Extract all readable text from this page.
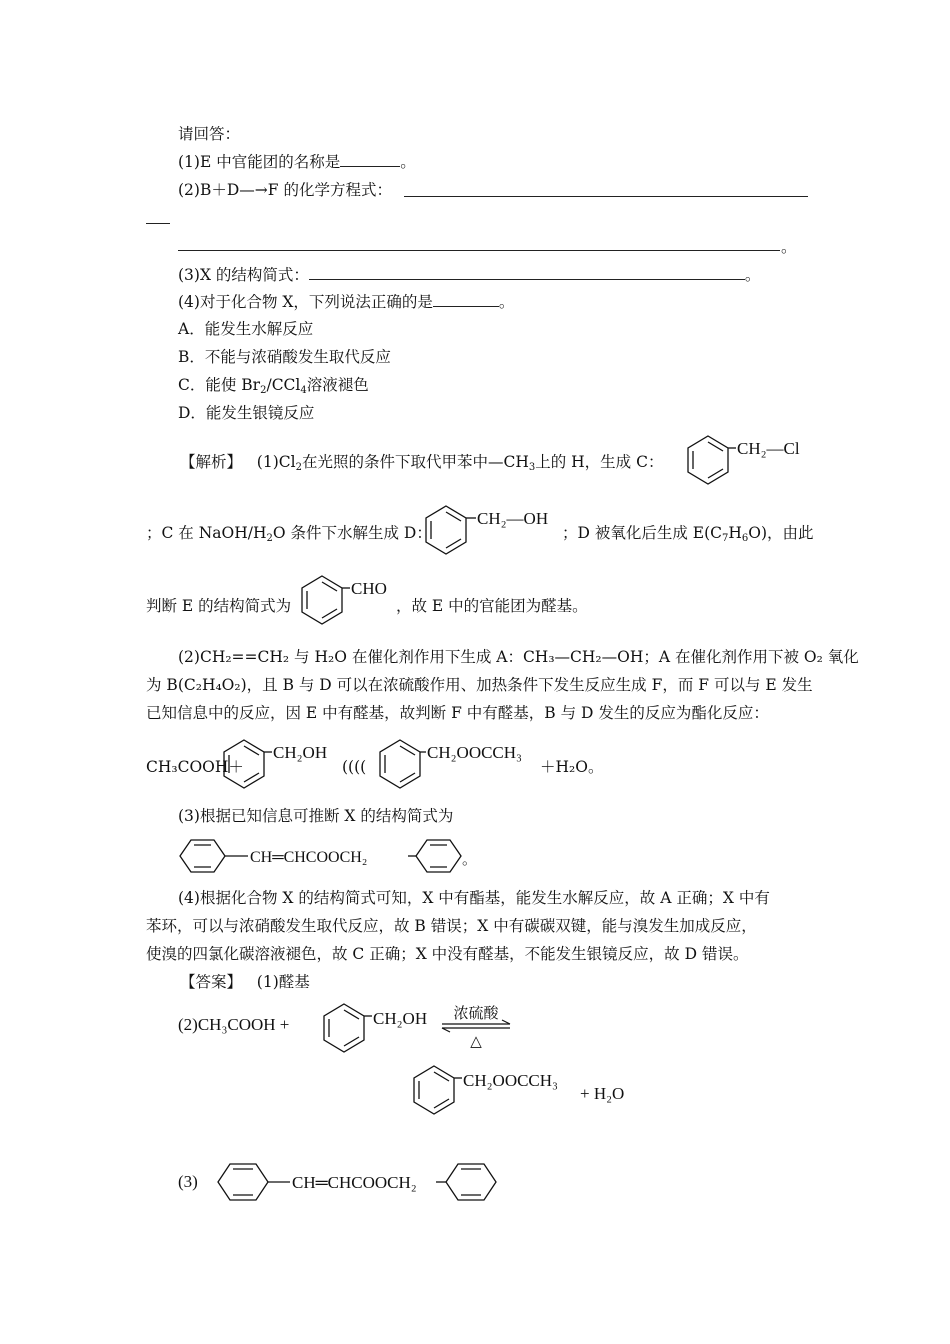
请回答：
(1)E 中官能团的名称是	。
(2)B＋D—→F 的化学方程式：
。
(3)X 的结构简式：	。
(4)对于化合物 X，下列说法正确的是	。
A．能发生水解反应
B．不能与浓硝酸发生取代反应
C．能使 $Br_2/CCl_4$溶液褪色
D．能发生银镜反应
【解析】 $(1)Cl_2$在光照的条件下取代甲苯中$—CH_3$上的 H，生成 C：
CH₂—Cl
；C 在 NaOH/$H_2O$ 条件下水解生成 D：
CH₂—OH
；D 被氧化后生成 $E(C_7H_6O)$，由此
判断 E 的结构简式为
CHO
，故 E 中的官能团为醛基。
(2)CH₂==CH₂ 与 H₂O 在催化剂作用下生成 A：CH₃—CH₂—OH；A 在催化剂作用下被 O₂ 氧化
为 B(C₂H₄O₂)，且 B 与 D 可以在浓硫酸作用、加热条件下发生反应生成 F，而 F 可以与 E 发生
已知信息中的反应，因 E 中有醛基，故判断 F 中有醛基，B 与 D 发生的反应为酯化反应：
CH₃COOH＋
CH₂OH
((((
CH₂OOCCH₃
＋H₂O。
(3)根据已知信息可推断 X 的结构简式为
CH═CHCOOCH₂	。
(4)根据化合物 X 的结构简式可知，X 中有酯基，能发生水解反应，故 A 正确；X 中有
苯环，可以与浓硝酸发生取代反应，故 B 错误；X 中有碳碳双键，能与溴发生加成反应，
使溴的四氯化碳溶液褪色，故 C 正确；X 中没有醛基，不能发生银镜反应，故 D 错误。
【答案】 (1)醛基
(2)CH₃COOH +	CH₂OH 浓硫酸
△
CH₂OOCCH₃
+ H₂O
(3)	CH═CHCOOCH₂
